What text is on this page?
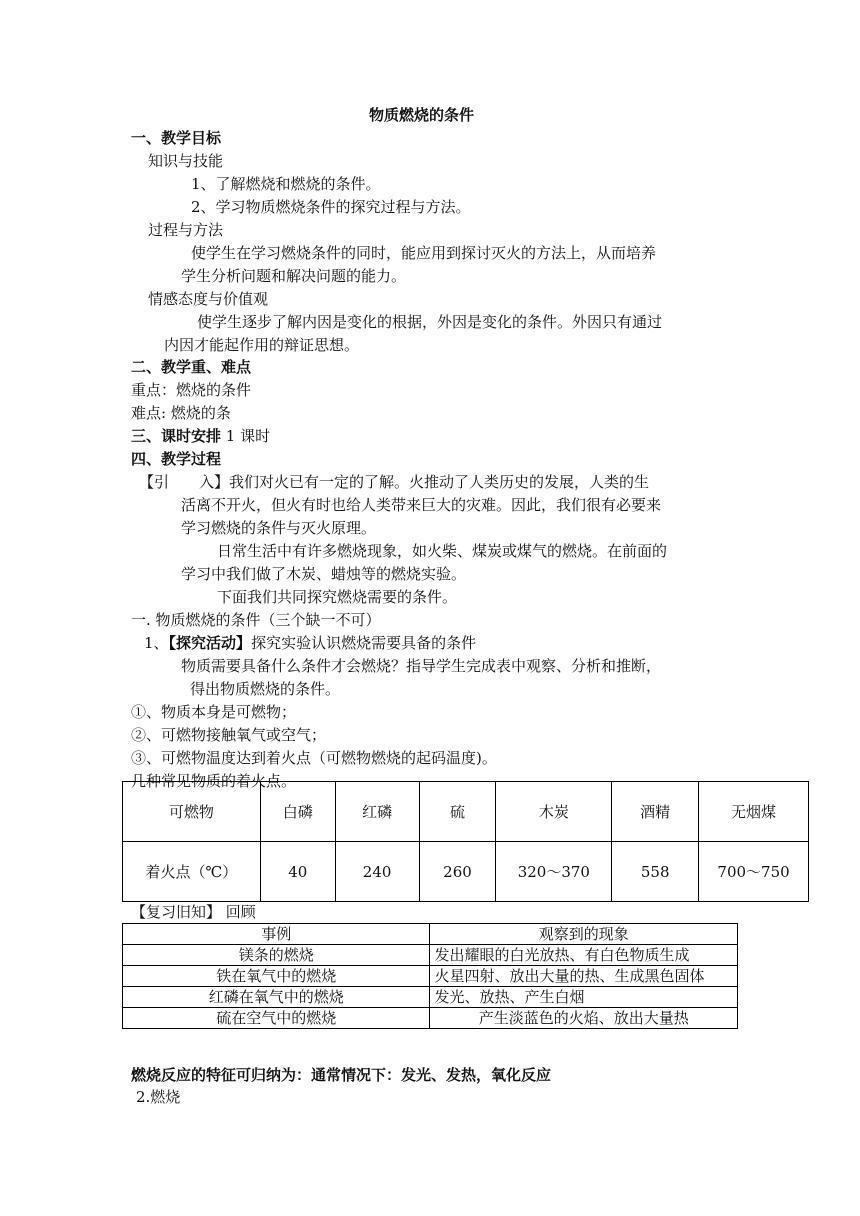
物质燃烧的条件
一、教学目标
知识与技能
1、了解燃烧和燃烧的条件。
2、学习物质燃烧条件的探究过程与方法。
过程与方法
使学生在学习燃烧条件的同时，能应用到探讨灭火的方法上，从而培养
学生分析问题和解决问题的能力。
情感态度与价值观
使学生逐步了解内因是变化的根据，外因是变化的条件。外因只有通过
内因才能起作用的辩证思想。
二、教学重、难点
重点：燃烧的条件
难点: 燃烧的条
三、课时安排 1 课时
四、教学过程
【引　　入】我们对火已有一定的了解。火推动了人类历史的发展，人类的生
活离不开火，但火有时也给人类带来巨大的灾难。因此，我们很有必要来
学习燃烧的条件与灭火原理。
日常生活中有许多燃烧现象，如火柴、煤炭或煤气的燃烧。在前面的
学习中我们做了木炭、蜡烛等的燃烧实验。
下面我们共同探究燃烧需要的条件。
一. 物质燃烧的条件（三个缺一不可）
1、【探究活动】探究实验认识燃烧需要具备的条件
物质需要具备什么条件才会燃烧？指导学生完成表中观察、分析和推断，
得出物质燃烧的条件。
①、物质本身是可燃物；
②、可燃物接触氧气或空气；
③、可燃物温度达到着火点（可燃物燃烧的起码温度)。
几种常见物质的着火点。
可燃物	白磷	红磷	硫	木炭	酒精	无烟煤
着火点（℃）	40	240	260	320～370	558	700～750
【复习旧知】 回顾
事例	观察到的现象
镁条的燃烧	发出耀眼的白光放热、有白色物质生成
铁在氧气中的燃烧	火星四射、放出大量的热、生成黑色固体
红磷在氧气中的燃烧	发光、放热、产生白烟
硫在空气中的燃烧	产生淡蓝色的火焰、放出大量热
燃烧反应的特征可归纳为：通常情况下：发光、发热，氧化反应
2.燃烧
